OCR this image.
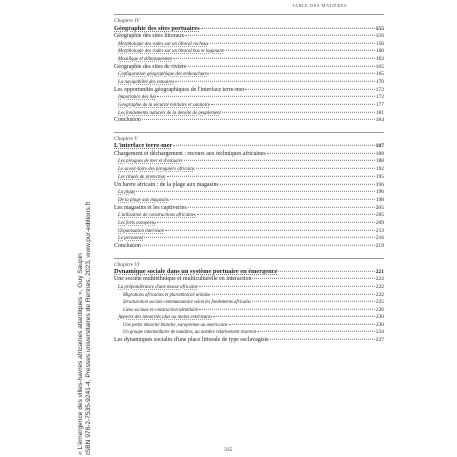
TABLE DES MATIÈRES
« L'émergence des villes-havres africaines atlantiques », Guy Saupin ISBN 978-2-7535-9241-4, Presses universitaires de Rennes, 2023, www.pur-editions.fr
Chapitre IV
Géographie des sites portuaires	155
Géographie des sites littoraux	156
Morphologie des rades sur un littoral rocheux	156
Morphologie des rades sur un littoral bas et lagunaire	160
Mouillage et débarquement	163
Géographie des sites de rivière	165
Configuration géographique des embouchures	165
La navigabilité des estuaires	170
Les opportunités géographiques de l'interface terre-mer	172
Importance des îles	172
Géographie de la sécurité militaire et sanitaire	177
Les fondements naturels de la densité de peuplement	181
Conclusion	184
Chapitre V
L'interface terre-mer	187
Chargement et déchargement : recours aux techniques africaines	188
Les pirogues de mer et d'estuaire	188
Le savoir-faire des piroguiers africains	192
Les rituels de protection	195
Un havre africain : de la plage aux magasins	196
La plage	196
De la plage aux magasins	198
Les magasins et les captiveries	205
L'utilisation de constructions africaines	205
Les forts européens	209
Organisation intérieure	213
Le personnel	216
Conclusion	219
Chapitre VI
Dynamique sociale dans un système portuaire en émergence	221
Une société multiethnique et multiculturelle en interaction	222
La prépondérance d'une masse africaine	222
Migrations africaines et pluriethnicité urbaine	222
Structuration sociale communautaire selon les fondements africains	225
Liens sociaux et construction identitaire	226
Apports des minorités plus ou moins extérieures	230
Une petite minorité blanche, européenne ou américaine	230
Un groupe intermédiaire de mulâtres, au nombre relativement restreint	234
Les dynamiques sociales d'une place littorale de type esclavagiste	237
335
